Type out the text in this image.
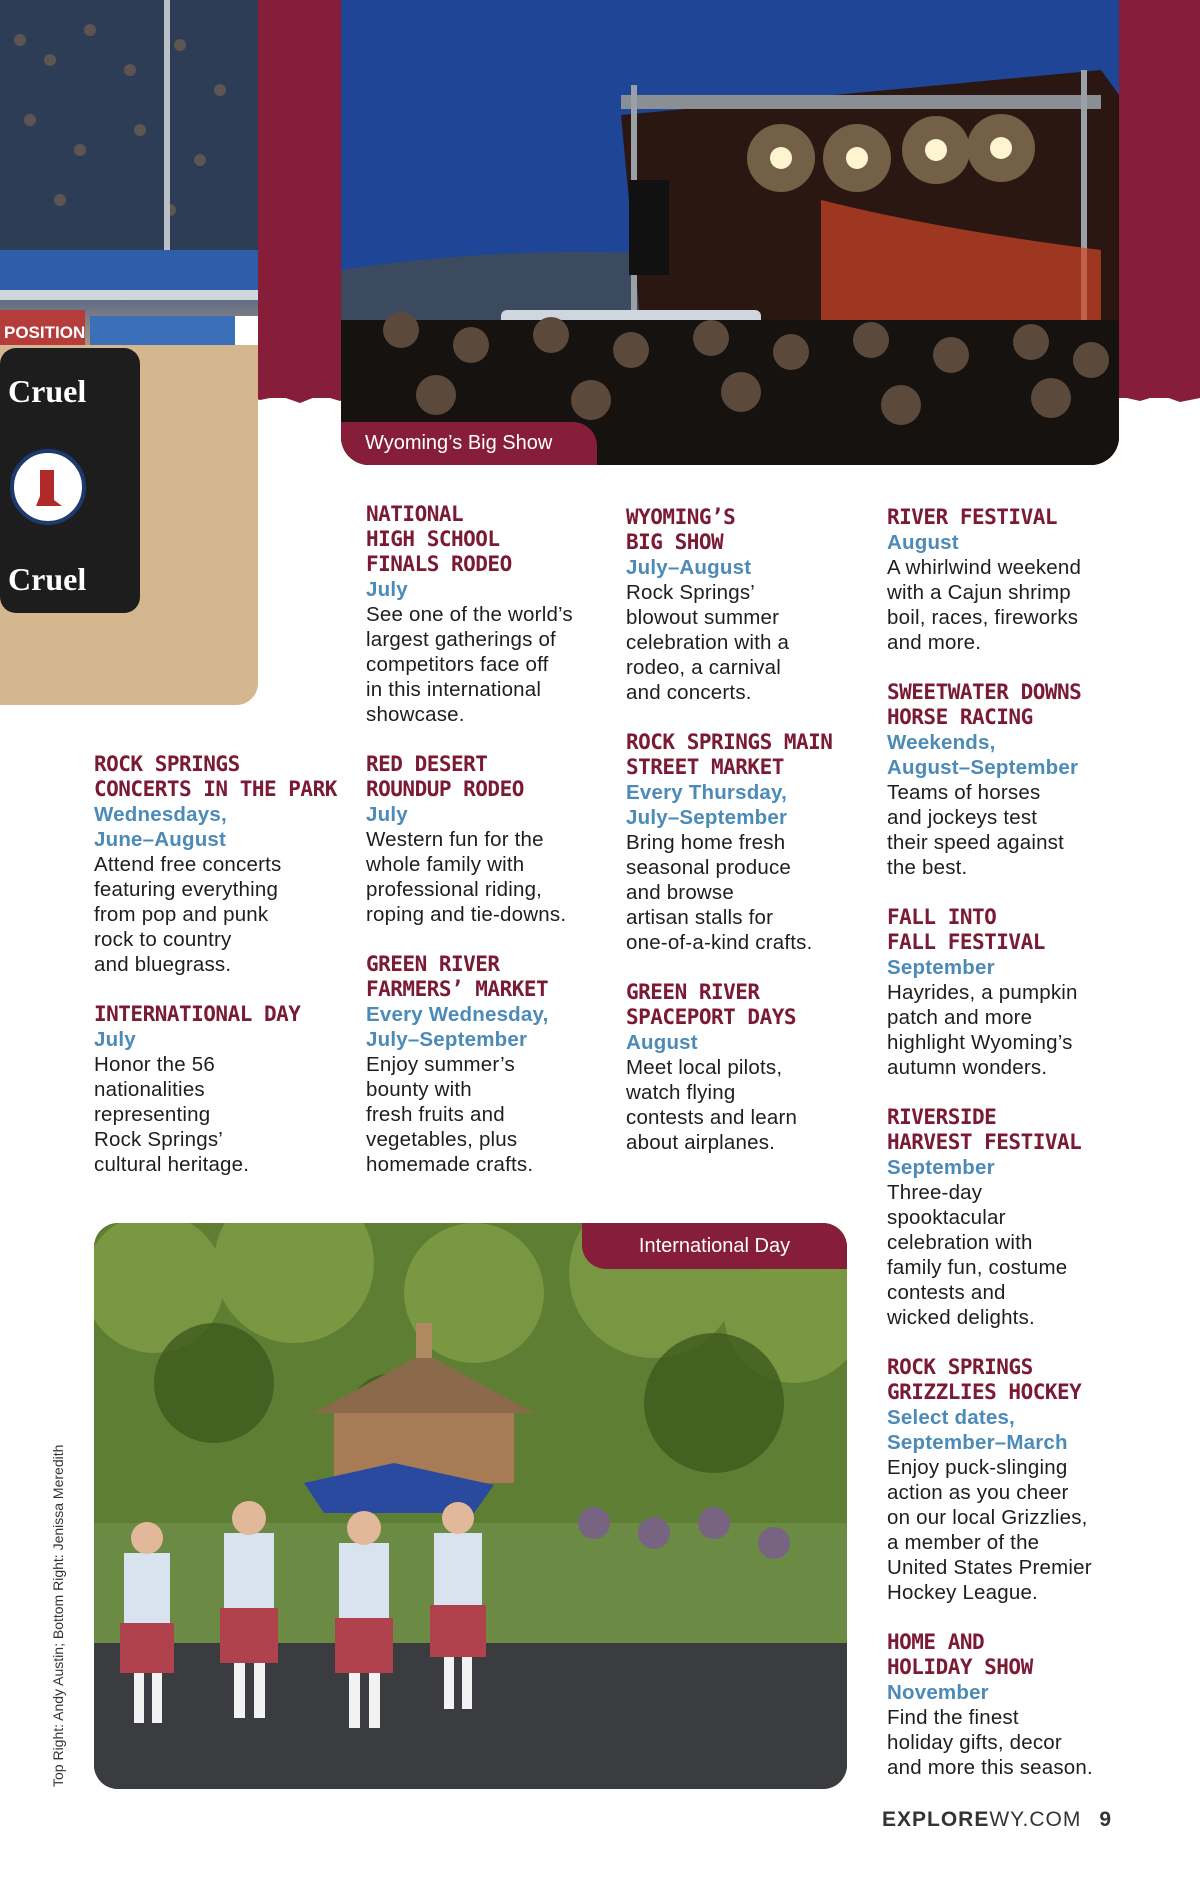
POSITION
Cruel
Cruel
Wyoming’s Big Show
ROCK SPRINGS
CONCERTS IN THE PARK
Wednesdays,
June–August
Attend free concerts
featuring everything
from pop and punk
rock to country
and bluegrass.
INTERNATIONAL DAY
July
Honor the 56
nationalities
representing
Rock Springs’
cultural heritage.
NATIONAL
HIGH SCHOOL
FINALS RODEO
July
See one of the world’s
largest gatherings of
competitors face off
in this international
showcase.
RED DESERT
ROUNDUP RODEO
July
Western fun for the
whole family with
professional riding,
roping and tie-downs.
GREEN RIVER
FARMERS’ MARKET
Every Wednesday,
July–September
Enjoy summer’s
bounty with
fresh fruits and
vegetables, plus
homemade crafts.
WYOMING’S
BIG SHOW
July–August
Rock Springs’
blowout summer
celebration with a
rodeo, a carnival
and concerts.
ROCK SPRINGS MAIN
STREET MARKET
Every Thursday,
July–September
Bring home fresh
seasonal produce
and browse
artisan stalls for
one-of-a-kind crafts.
GREEN RIVER
SPACEPORT DAYS
August
Meet local pilots,
watch flying
contests and learn
about airplanes.
RIVER FESTIVAL
August
A whirlwind weekend
with a Cajun shrimp
boil, races, fireworks
and more.
SWEETWATER DOWNS
HORSE RACING
Weekends,
August–September
Teams of horses
and jockeys test
their speed against
the best.
FALL INTO
FALL FESTIVAL
September
Hayrides, a pumpkin
patch and more
highlight Wyoming’s
autumn wonders.
RIVERSIDE
HARVEST FESTIVAL
September
Three-day
spooktacular
celebration with
family fun, costume
contests and
wicked delights.
ROCK SPRINGS
GRIZZLIES HOCKEY
Select dates,
September–March
Enjoy puck-slinging
action as you cheer
on our local Grizzlies,
a member of the
United States Premier
Hockey League.
HOME AND
HOLIDAY SHOW
November
Find the finest
holiday gifts, decor
and more this season.
International Day
Top Right: Andy Austin; Bottom Right: Jenissa Meredith
EXPLOREWY.COM 9
